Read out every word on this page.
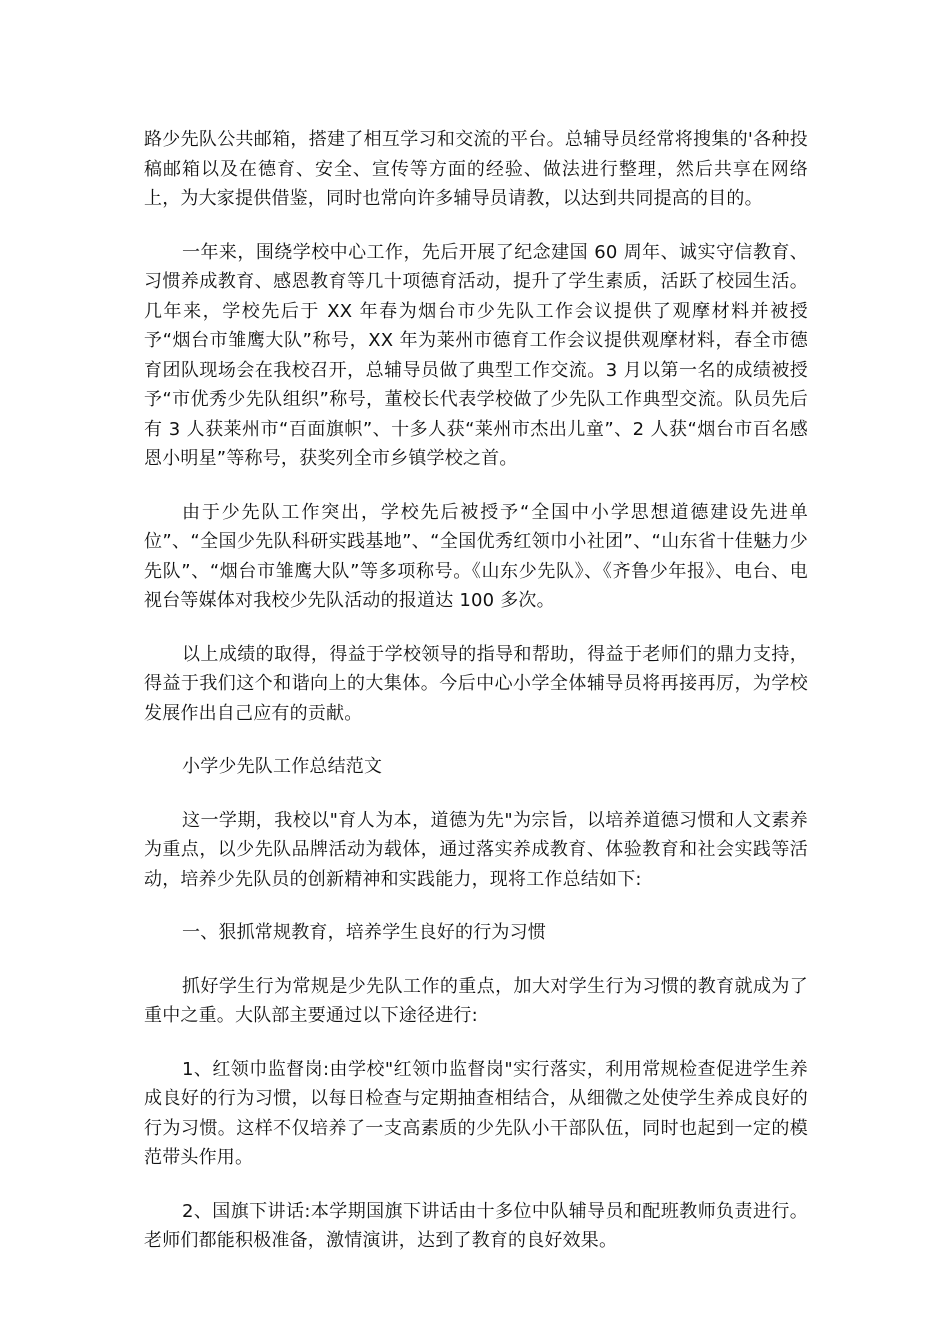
路少先队公共邮箱，搭建了相互学习和交流的平台。总辅导员经常将搜集的'各种投稿邮箱以及在德育、安全、宣传等方面的经验、做法进行整理，然后共享在网络上，为大家提供借鉴，同时也常向许多辅导员请教，以达到共同提高的目的。

一年来，围绕学校中心工作，先后开展了纪念建国 60 周年、诚实守信教育、习惯养成教育、感恩教育等几十项德育活动，提升了学生素质，活跃了校园生活。几年来，学校先后于 XX 年春为烟台市少先队工作会议提供了观摩材料并被授予“烟台市雏鹰大队”称号，XX 年为莱州市德育工作会议提供观摩材料，春全市德育团队现场会在我校召开，总辅导员做了典型工作交流。3 月以第一名的成绩被授予“市优秀少先队组织”称号，董校长代表学校做了少先队工作典型交流。队员先后有 3 人获莱州市“百面旗帜”、十多人获“莱州市杰出儿童”、2 人获“烟台市百名感恩小明星”等称号，获奖列全市乡镇学校之首。

由于少先队工作突出，学校先后被授予“全国中小学思想道德建设先进单位”、“全国少先队科研实践基地”、“全国优秀红领巾小社团”、“山东省十佳魅力少先队”、“烟台市雏鹰大队”等多项称号。《山东少先队》、《齐鲁少年报》、电台、电视台等媒体对我校少先队活动的报道达 100 多次。

以上成绩的取得，得益于学校领导的指导和帮助，得益于老师们的鼎力支持，得益于我们这个和谐向上的大集体。今后中心小学全体辅导员将再接再厉，为学校发展作出自己应有的贡献。

小学少先队工作总结范文

这一学期，我校以"育人为本，道德为先"为宗旨，以培养道德习惯和人文素养为重点，以少先队品牌活动为载体，通过落实养成教育、体验教育和社会实践等活动，培养少先队员的创新精神和实践能力，现将工作总结如下:

一、狠抓常规教育，培养学生良好的行为习惯

抓好学生行为常规是少先队工作的重点，加大对学生行为习惯的教育就成为了重中之重。大队部主要通过以下途径进行:

1、红领巾监督岗:由学校"红领巾监督岗"实行落实，利用常规检查促进学生养成良好的行为习惯，以每日检查与定期抽查相结合，从细微之处使学生养成良好的行为习惯。这样不仅培养了一支高素质的少先队小干部队伍，同时也起到一定的模范带头作用。

2、国旗下讲话:本学期国旗下讲话由十多位中队辅导员和配班教师负责进行。老师们都能积极准备，激情演讲，达到了教育的良好效果。
